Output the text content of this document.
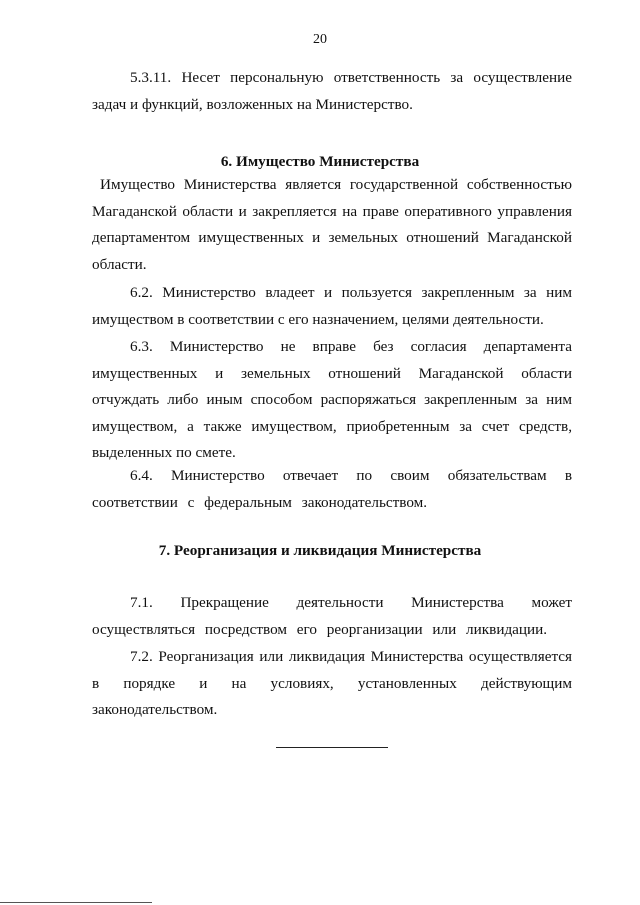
20

5.3.11. Несет персональную ответственность за осуществление задач и функций, возложенных на Министерство.

6. Имущество Министерства

Имущество Министерства является государственной собственностью Магаданской области и закрепляется на праве оперативного управления департаментом имущественных и земельных отношений Магаданской области.

6.2. Министерство владеет и пользуется закрепленным за ним имуществом в соответствии с его назначением, целями деятельности.

6.3. Министерство не вправе без согласия департамента имущественных и земельных отношений Магаданской области отчуждать либо иным способом распоряжаться закрепленным за ним имуществом, а также имуществом, приобретенным за счет средств, выделенных по смете.

6.4. Министерство отвечает по своим обязательствам в соответствии с федеральным законодательством.

7. Реорганизация и ликвидация Министерства

7.1. Прекращение деятельности Министерства может осуществляться посредством его реорганизации или ликвидации.

7.2. Реорганизация или ликвидация Министерства осуществляется в порядке и на условиях, установленных действующим законодательством.
